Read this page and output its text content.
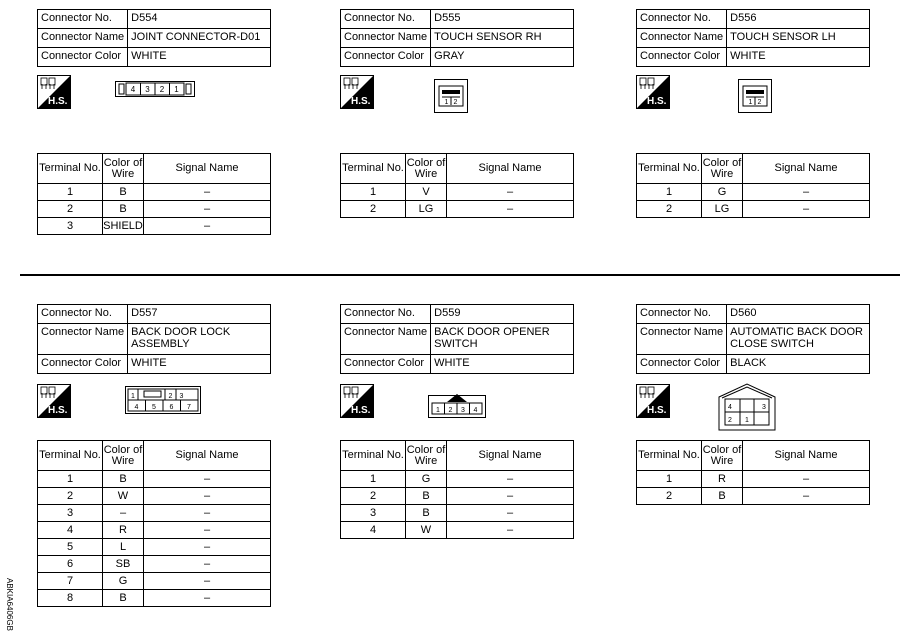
Connector No.	D554
Connector Name	JOINT CONNECTOR-D01
Connector Color	WHITE
H.S.
4 3 2 1
Terminal No.	Color of Wire	Signal Name
1	B	–
2	B	–
3	SHIELD	–
Connector No.	D555
Connector Name	TOUCH SENSOR RH
Connector Color	GRAY
H.S.	1 2
Terminal No.	Color of Wire	Signal Name
1	V	–
2	LG	–
Connector No.	D556
Connector Name	TOUCH SENSOR LH
Connector Color	WHITE
H.S.	1 2
Terminal No.	Color of Wire	Signal Name
1	G	–
2	LG	–
Connector No.	D557
Connector Name	BACK DOOR LOCK ASSEMBLY
Connector Color	WHITE
H.S.
1	2 3
4 5 6 7
Terminal No.	Color of Wire	Signal Name
1	B	–
2	W	–
3	–	–
4	R	–
5	L	–
6	SB	–
7	G	–
8	B	–
Connector No.	D559
Connector Name	BACK DOOR OPENER SWITCH
Connector Color	WHITE
H.S.	1 2 3 4
Terminal No.	Color of Wire	Signal Name
1	G	–
2	B	–
3	B	–
4	W	–
Connector No.	D560
Connector Name	AUTOMATIC BACK DOOR CLOSE SWITCH
Connector Color	BLACK
H.S.	4	3
2 1
Terminal No.	Color of Wire	Signal Name
1	R	–
2	B	–
ABKIA6406GB
